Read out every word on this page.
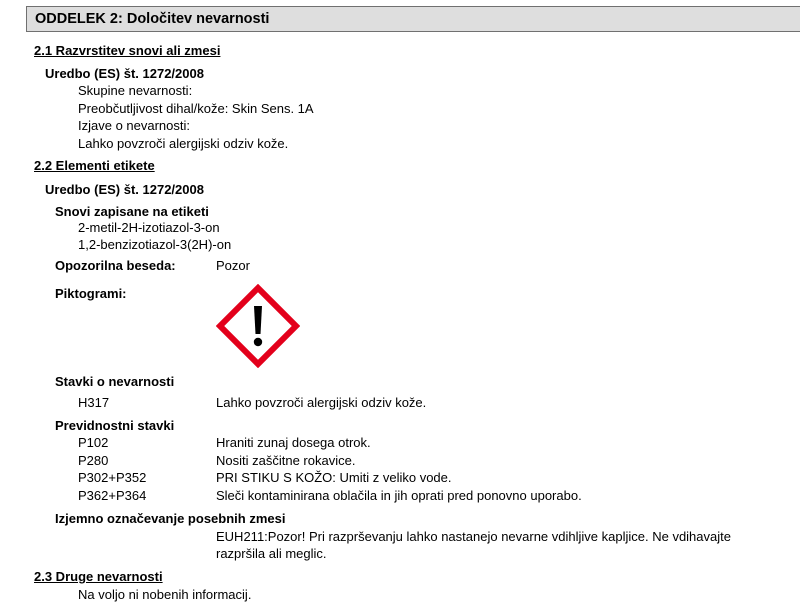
ODDELEK 2: Določitev nevarnosti
2.1 Razvrstitev snovi ali zmesi
Uredbo (ES) št. 1272/2008
Skupine nevarnosti:
Preobčutljivost dihal/kože: Skin Sens. 1A
Izjave o nevarnosti:
Lahko povzroči alergijski odziv kože.
2.2 Elementi etikete
Uredbo (ES) št. 1272/2008
Snovi zapisane na etiketi
2-metil-2H-izotiazol-3-on
1,2-benzizotiazol-3(2H)-on
Opozorilna beseda:	Pozor
Piktogrami:
Stavki o nevarnosti
H317	Lahko povzroči alergijski odziv kože.
Previdnostni stavki
P102	Hraniti zunaj dosega otrok.
P280	Nositi zaščitne rokavice.
P302+P352	PRI STIKU S KOŽO: Umiti z veliko vode.
P362+P364	Sleči kontaminirana oblačila in jih oprati pred ponovno uporabo.
Izjemno označevanje posebnih zmesi
EUH211:Pozor! Pri razprševanju lahko nastanejo nevarne vdihljive kapljice. Ne vdihavajte
razpršila ali meglic.
2.3 Druge nevarnosti
Na voljo ni nobenih informacij.
